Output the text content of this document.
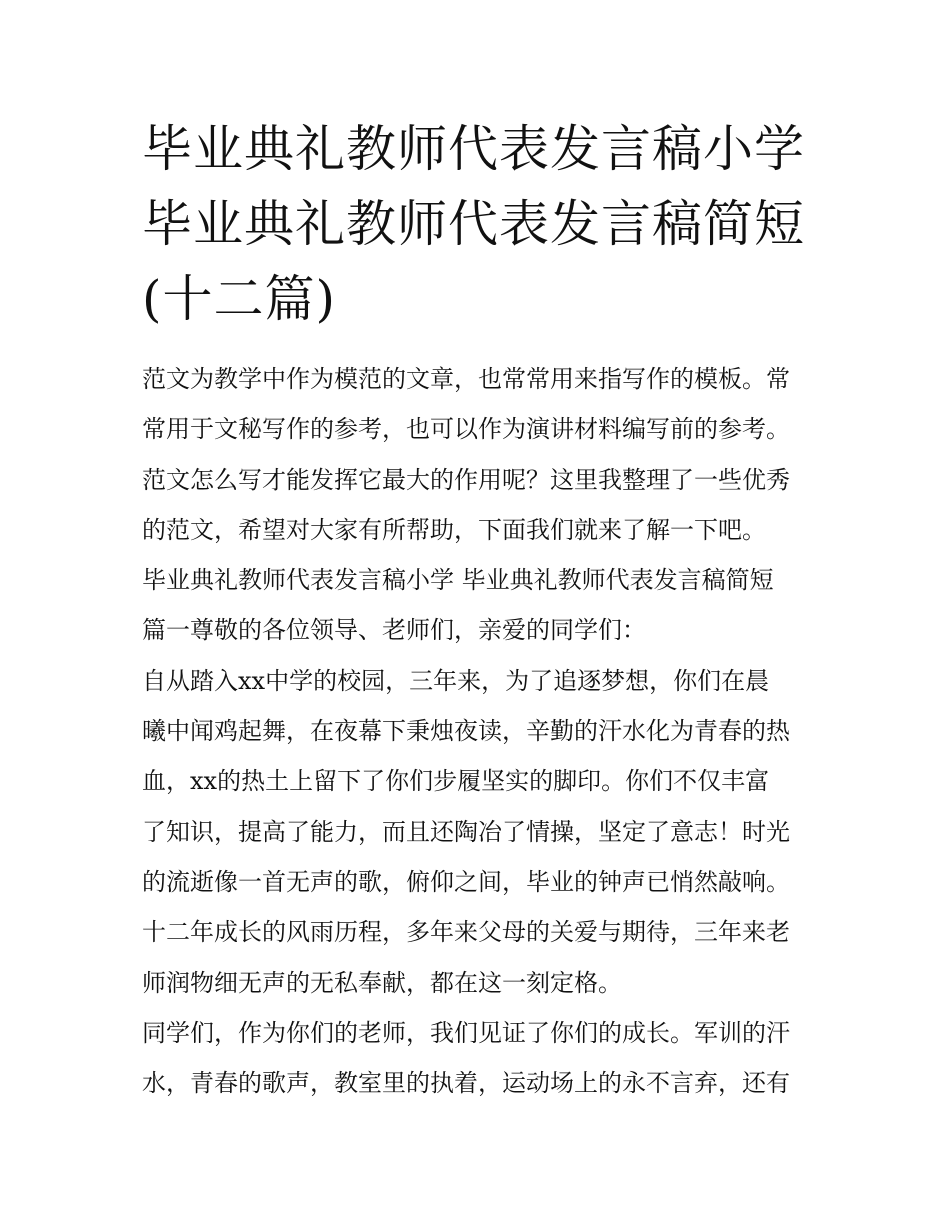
毕业典礼教师代表发言稿小学
毕业典礼教师代表发言稿简短
(十二篇)
范文为教学中作为模范的文章，也常常用来指写作的模板。常
常用于文秘写作的参考，也可以作为演讲材料编写前的参考。
范文怎么写才能发挥它最大的作用呢？这里我整理了一些优秀
的范文，希望对大家有所帮助，下面我们就来了解一下吧。
毕业典礼教师代表发言稿小学 毕业典礼教师代表发言稿简短
篇一尊敬的各位领导、老师们，亲爱的同学们：
自从踏入xx中学的校园，三年来，为了追逐梦想，你们在晨
曦中闻鸡起舞，在夜幕下秉烛夜读，辛勤的汗水化为青春的热
血，xx的热土上留下了你们步履坚实的脚印。你们不仅丰富
了知识，提高了能力，而且还陶冶了情操，坚定了意志！时光
的流逝像一首无声的歌，俯仰之间，毕业的钟声已悄然敲响。
十二年成长的风雨历程，多年来父母的关爱与期待，三年来老
师润物细无声的无私奉献，都在这一刻定格。
同学们，作为你们的老师，我们见证了你们的成长。军训的汗
水，青春的歌声，教室里的执着，运动场上的永不言弃，还有
